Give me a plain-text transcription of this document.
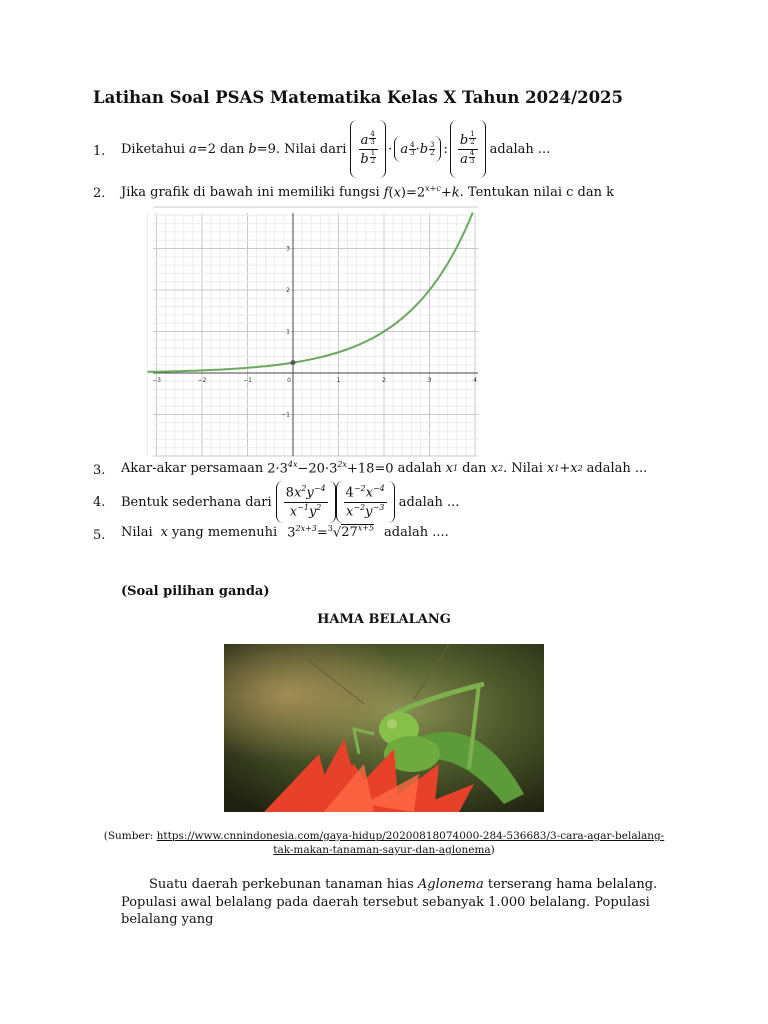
Latihan Soal PSAS Matematika Kelas X Tahun 2024/2025
1. Diketahui a =2 dan b =9 . Nilai dari $\frac{a \frac{4}{3}}{b \frac{1}{2}} \cdot a$ 4
3 · b 3
2 : $\frac{b \frac{1}{2}}{a \frac{4}{3}}$ adalah ...
2. Jika grafik di bawah ini memiliki fungsi $f(x)=2^{x+c}+k$ . Tentukan nilai c dan k
−3	−2	−1	0	1	2	3	4
3
2
1
−1
3. Akar-akar persamaan $2\cdot 3^{4x}-20\cdot 3^{2x}+18=0$ adalah x 1 dan x 2 . Nilai x 1 + x 2 adalah ...
4. Bentuk sederhana dari $\frac{8x^2y^{-4}}{x^{-1}y^2} \frac{4^{-2}x^{-4}}{x^{-2}y^{-3}}$ adalah ...
5. Nilai x yang memenuhi $3^{2x+3}=^3√27^{x+5}$ adalah ....
(Soal pilihan ganda)
HAMA BELALANG
(Sumber: https://www.cnnindonesia.com/gaya-hidup/20200818074000-284-536683/3-cara-agar-belalang-tak-makan-tanaman-sayur-dan-aglonema)
Suatu daerah perkebunan tanaman hias Aglonema terserang hama belalang. Populasi awal belalang pada daerah tersebut sebanyak 1.000 belalang. Populasi belalang yang
